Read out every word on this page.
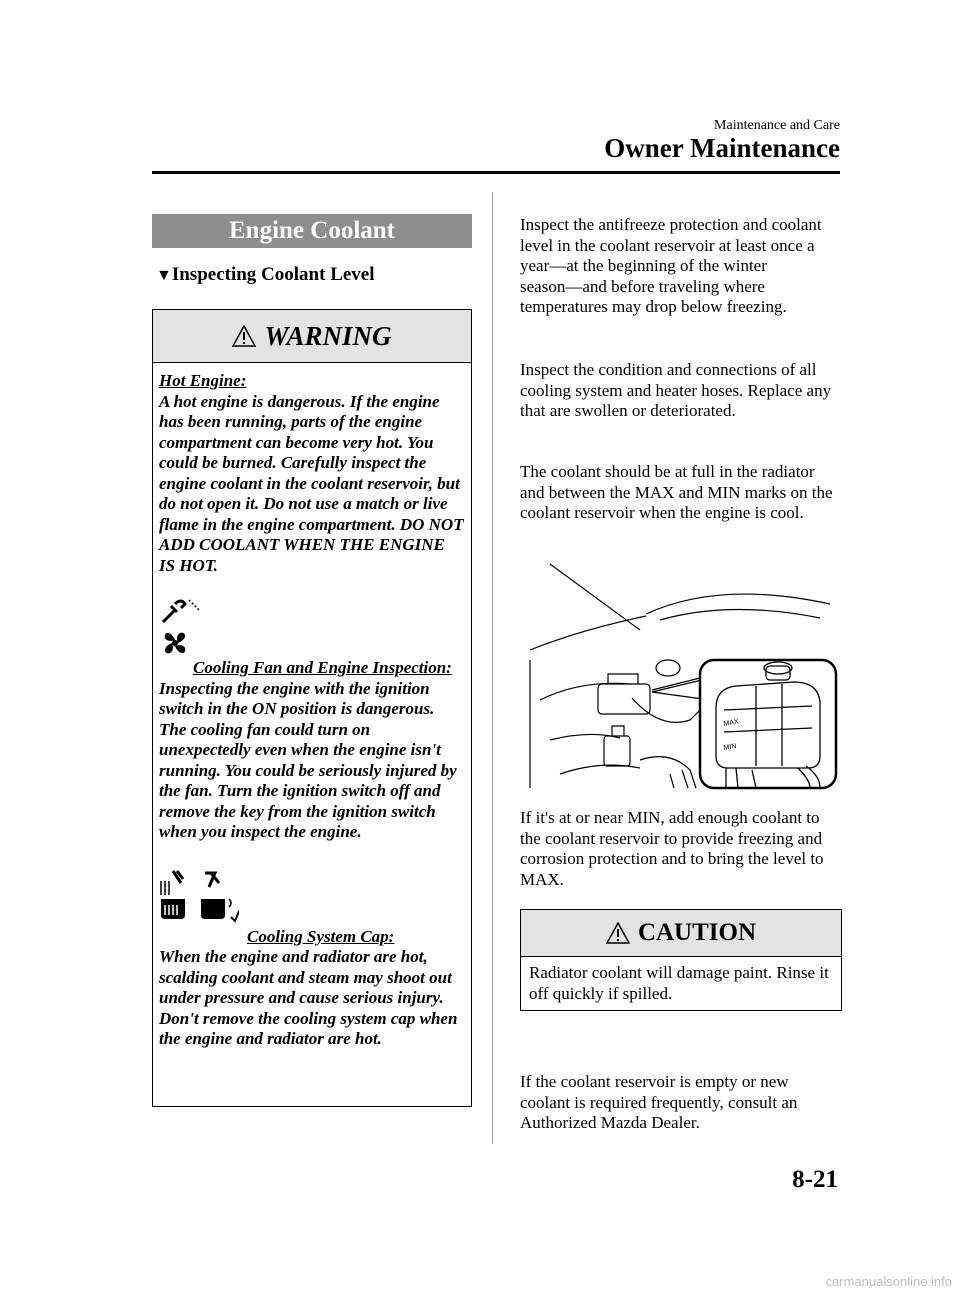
Maintenance and Care
Owner Maintenance
Engine Coolant
▼Inspecting Coolant Level
WARNING

Hot Engine:

A hot engine is dangerous. If the engine has been running, parts of the engine compartment can become very hot. You could be burned. Carefully inspect the engine coolant in the coolant reservoir, but do not open it. Do not use a match or live flame in the engine compartment. DO NOT ADD COOLANT WHEN THE ENGINE IS HOT.

Cooling Fan and Engine Inspection:

Inspecting the engine with the ignition switch in the ON position is dangerous. The cooling fan could turn on unexpectedly even when the engine isn't running. You could be seriously injured by the fan. Turn the ignition switch off and remove the key from the ignition switch when you inspect the engine.

Cooling System Cap:

When the engine and radiator are hot, scalding coolant and steam may shoot out under pressure and cause serious injury. Don't remove the cooling system cap when the engine and radiator are hot.

Inspect the antifreeze protection and coolant level in the coolant reservoir at least once a year―at the beginning of the winter season―and before traveling where temperatures may drop below freezing.
Inspect the condition and connections of all cooling system and heater hoses. Replace any that are swollen or deteriorated.
The coolant should be at full in the radiator and between the MAX and MIN marks on the coolant reservoir when the engine is cool.
MAX
MIN
If it's at or near MIN, add enough coolant to the coolant reservoir to provide freezing and corrosion protection and to bring the level to MAX.
CAUTION
Radiator coolant will damage paint. Rinse it off quickly if spilled.
If the coolant reservoir is empty or new coolant is required frequently, consult an Authorized Mazda Dealer.
8-21
carmanualsonline.info
